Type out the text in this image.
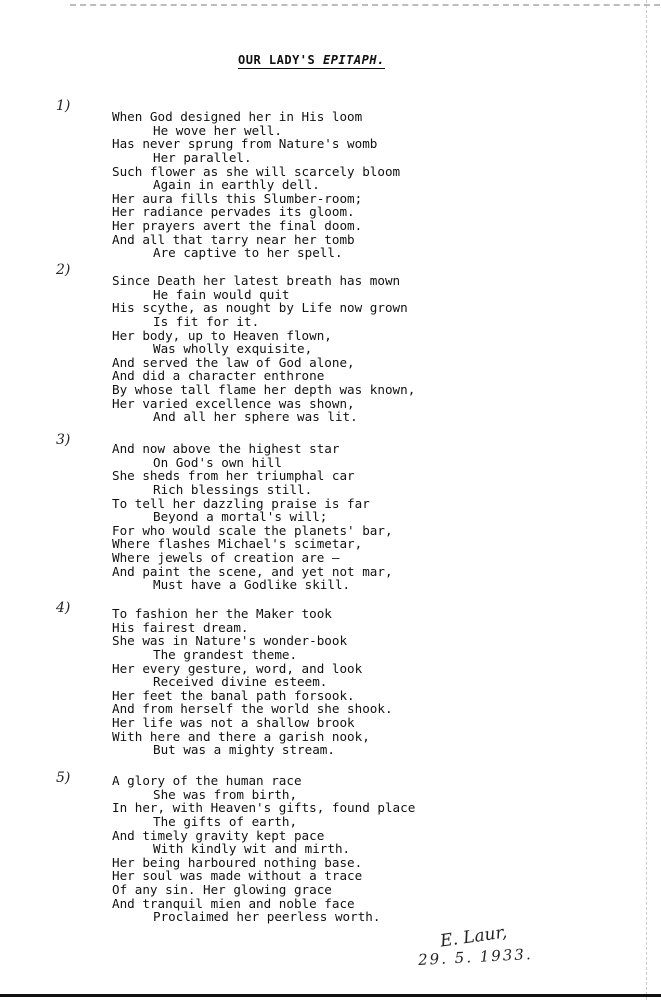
OUR LADY'S EPITAPH.
1)
When God designed her in His loom
He wove her well.
Has never sprung from Nature's womb
Her parallel.
Such flower as she will scarcely bloom
Again in earthly dell.
Her aura fills this Slumber-room;
Her radiance pervades its gloom.
Her prayers avert the final doom.
And all that tarry near her tomb
Are captive to her spell.
2)
Since Death her latest breath has mown
He fain would quit
His scythe, as nought by Life now grown
Is fit for it.
Her body, up to Heaven flown,
Was wholly exquisite,
And served the law of God alone,
And did a character enthrone
By whose tall flame her depth was known,
Her varied excellence was shown,
And all her sphere was lit.
3)
And now above the highest star
On God's own hill
She sheds from her triumphal car
Rich blessings still.
To tell her dazzling praise is far
Beyond a mortal's will;
For who would scale the planets' bar,
Where flashes Michael's scimetar,
Where jewels of creation are —
And paint the scene, and yet not mar,
Must have a Godlike skill.
4)	To fashion her the Maker took
His fairest dream.
She was in Nature's wonder-book
The grandest theme.
Her every gesture, word, and look
Received divine esteem.
Her feet the banal path forsook.
And from herself the world she shook.
Her life was not a shallow brook
With here and there a garish nook,
But was a mighty stream.
5)	A glory of the human race
She was from birth,
In her, with Heaven's gifts, found place
The gifts of earth,
And timely gravity kept pace
With kindly wit and mirth.
Her being harboured nothing base.
Her soul was made without a trace
Of any sin. Her glowing grace
And tranquil mien and noble face
Proclaimed her peerless worth.
E. Laur,
29. 5. 1933.
